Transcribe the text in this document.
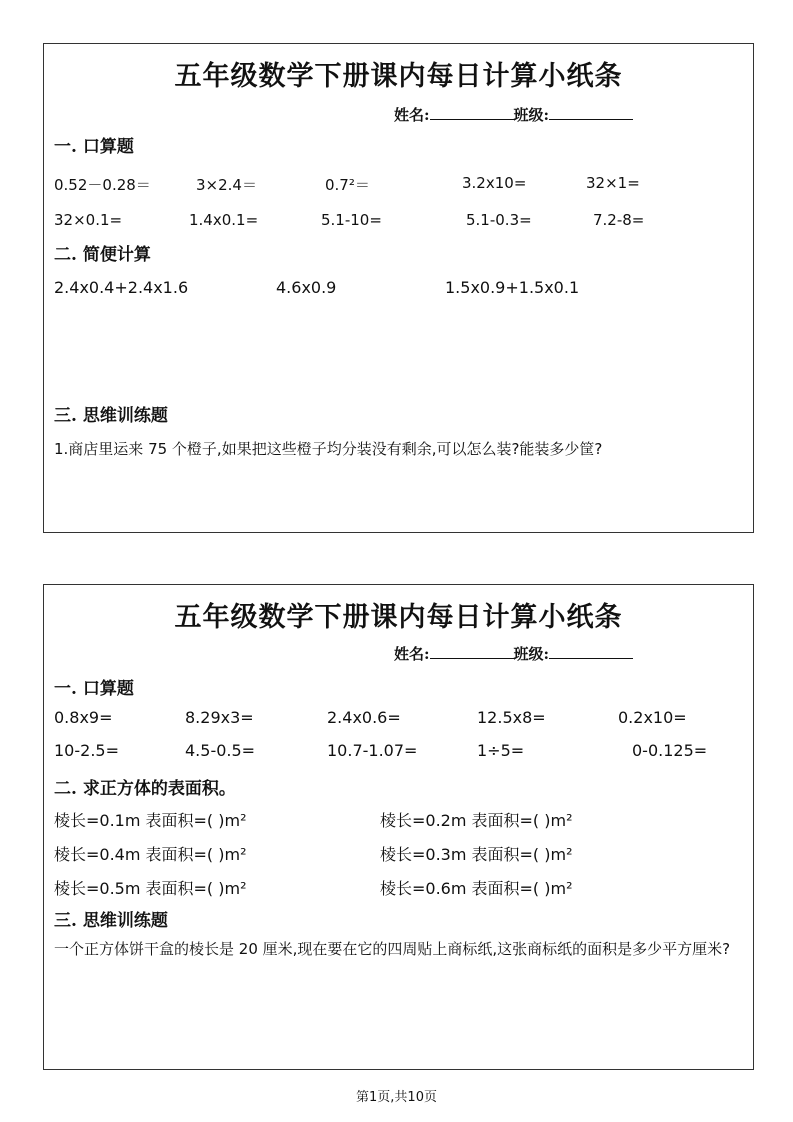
五年级数学下册课内每日计算小纸条
姓名:	班级:
一. 口算题
0.52－0.28＝	3×2.4＝	0.7²＝	3.2x10=	32×1=
32×0.1=	1.4x0.1=	5.1-10=	5.1-0.3=	7.2-8=
二. 简便计算
2.4x0.4+2.4x1.6	4.6x0.9	1.5x0.9+1.5x0.1
三. 思维训练题
1.商店里运来 75 个橙子,如果把这些橙子均分装没有剩余,可以怎么装?能装多少筐?
五年级数学下册课内每日计算小纸条
姓名:	班级:
一. 口算题
0.8x9=	8.29x3=	2.4x0.6=	12.5x8=	0.2x10=
10-2.5=	4.5-0.5=	10.7-1.07=	1÷5=	0-0.125=
二. 求正方体的表面积。
棱长=0.1m 表面积=( )m²	棱长=0.2m 表面积=( )m²
棱长=0.4m 表面积=( )m²	棱长=0.3m 表面积=( )m²
棱长=0.5m 表面积=( )m²	棱长=0.6m 表面积=( )m²
三. 思维训练题
一个正方体饼干盒的棱长是 20 厘米,现在要在它的四周贴上商标纸,这张商标纸的面积是多少平方厘米?
第1页,共10页
